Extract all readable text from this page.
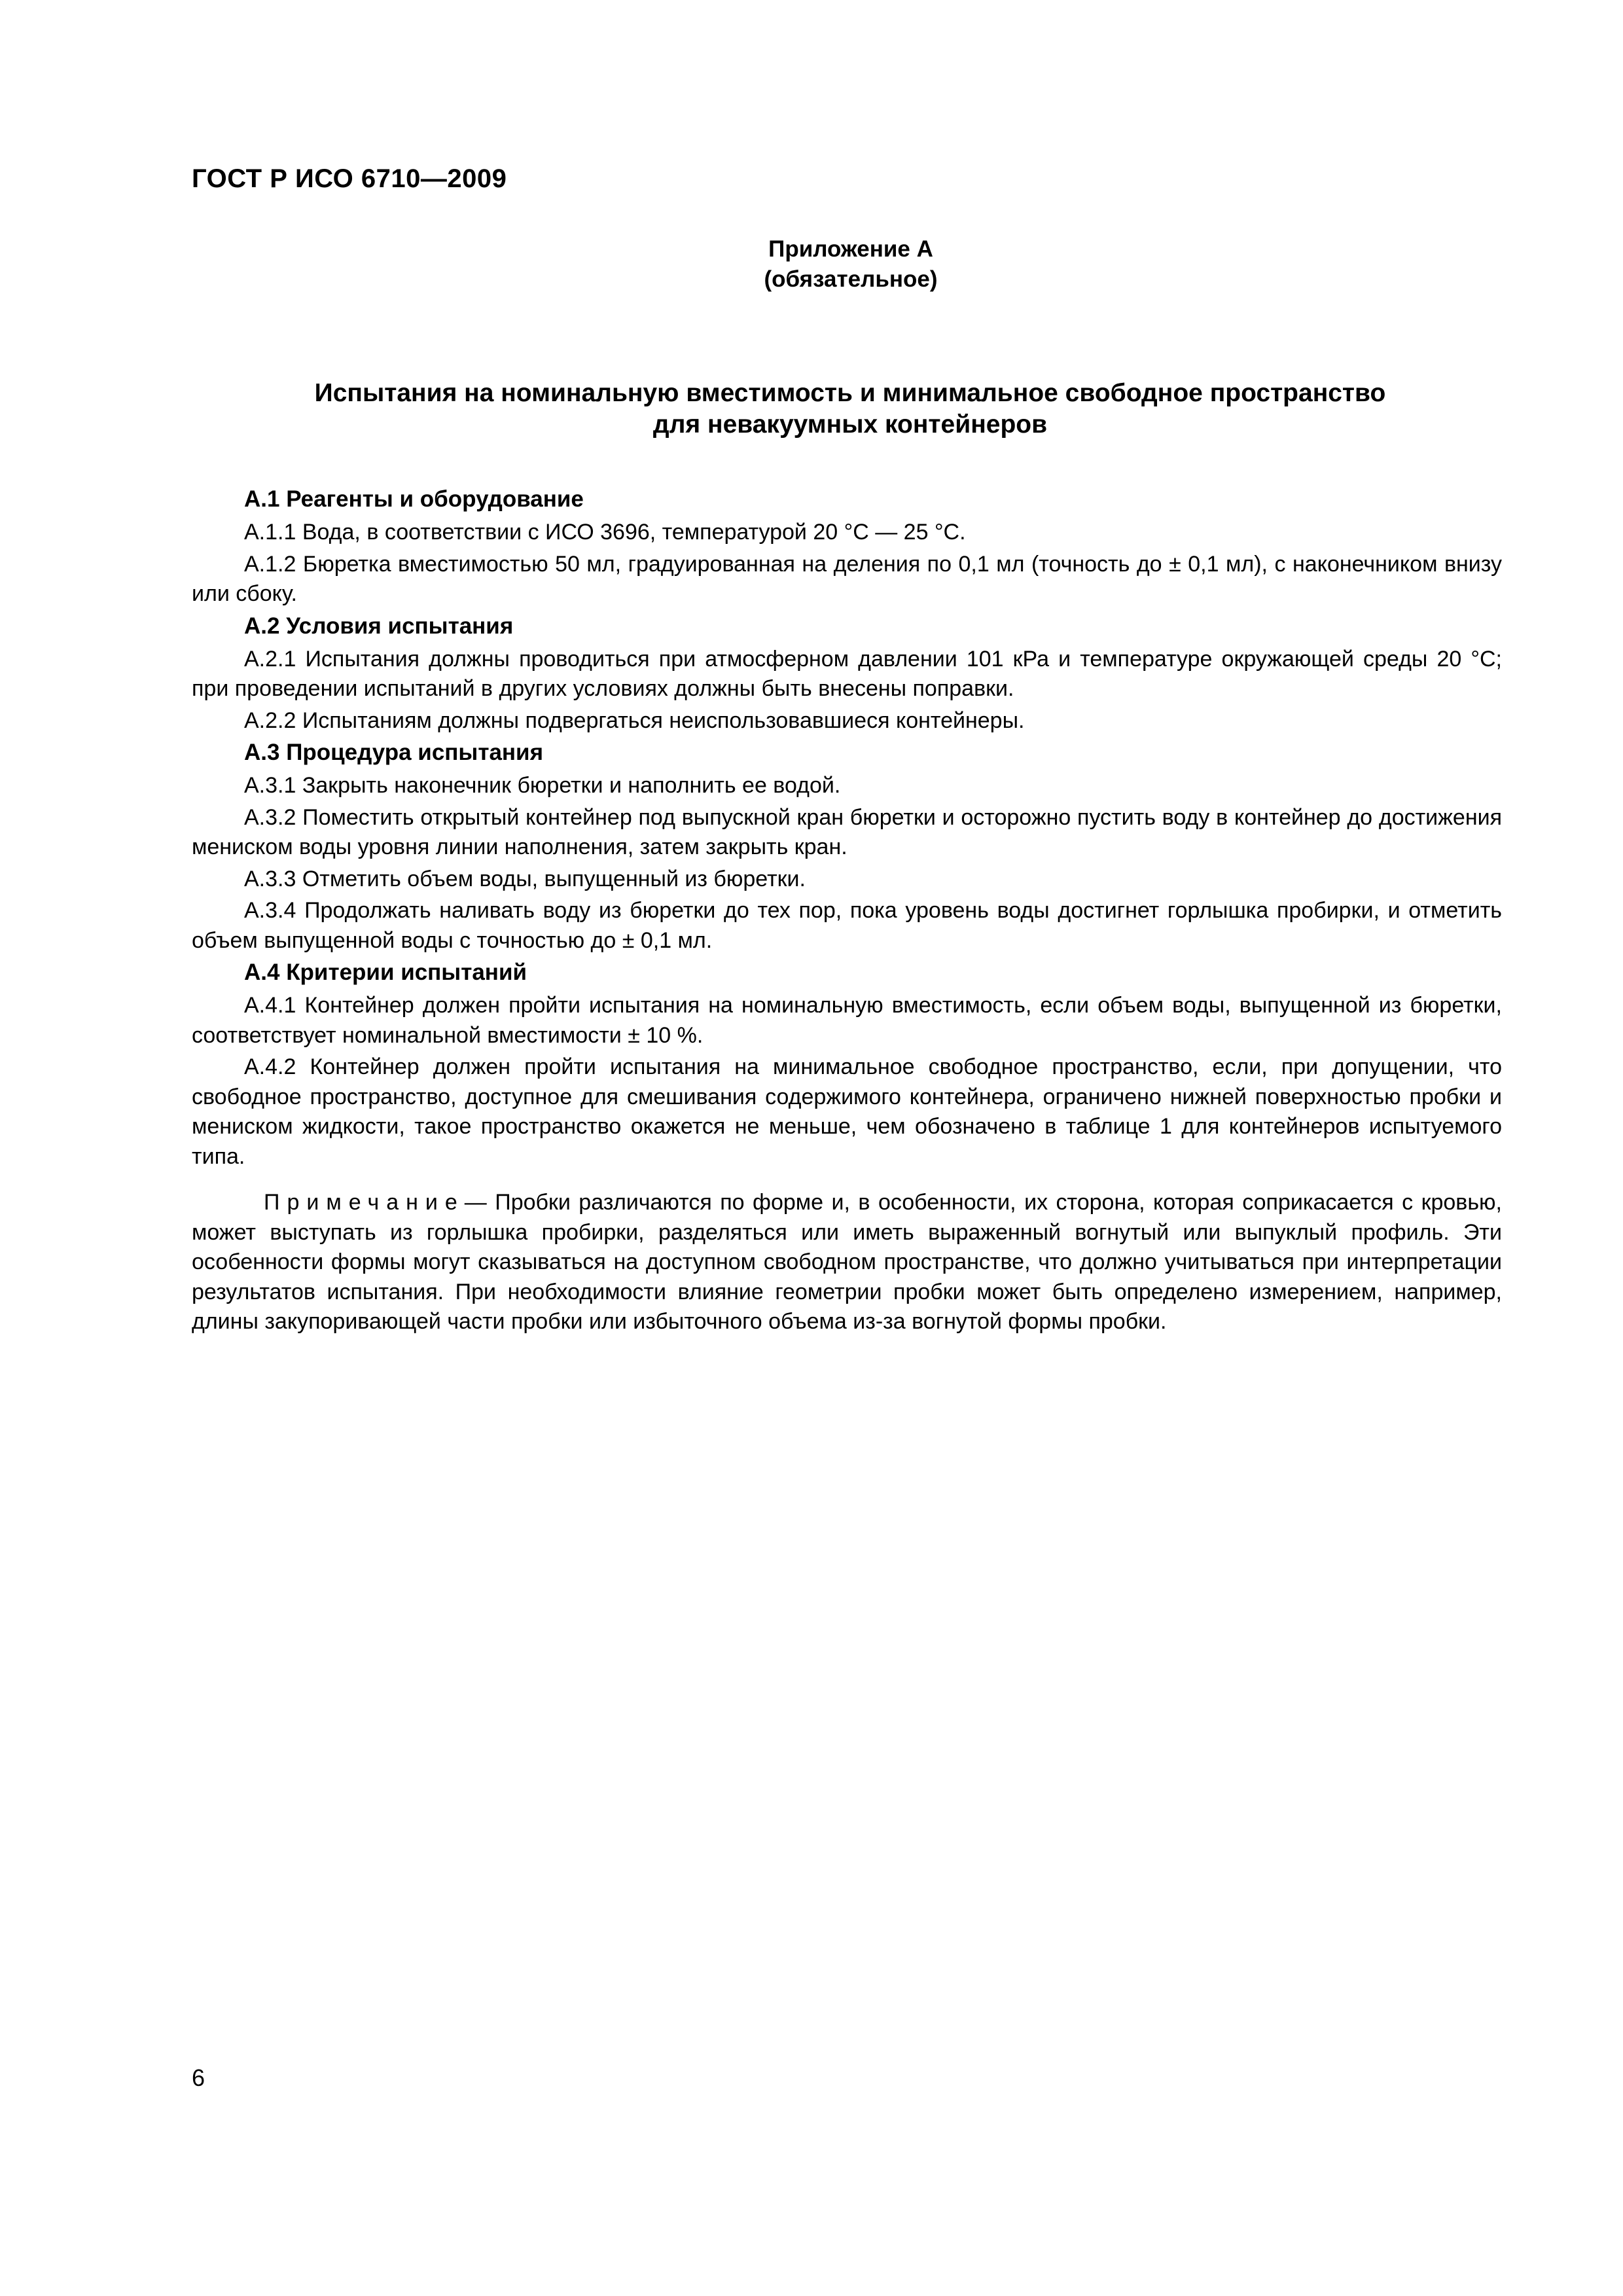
ГОСТ Р ИСО 6710—2009
Приложение А
(обязательное)
Испытания на номинальную вместимость и минимальное свободное пространство
для невакуумных контейнеров
А.1 Реагенты и оборудование

А.1.1 Вода, в соответствии с ИСО 3696, температурой 20 °С — 25 °С.

А.1.2 Бюретка вместимостью 50 мл, градуированная на деления по 0,1 мл (точность до ± 0,1 мл), с наконечником внизу или сбоку.

А.2 Условия испытания

А.2.1 Испытания должны проводиться при атмосферном давлении 101 кРа и температуре окружающей среды 20 °С; при проведении испытаний в других условиях должны быть внесены поправки.

А.2.2 Испытаниям должны подвергаться неиспользовавшиеся контейнеры.

А.3 Процедура испытания

А.3.1 Закрыть наконечник бюретки и наполнить ее водой.

А.3.2 Поместить открытый контейнер под выпускной кран бюретки и осторожно пустить воду в контейнер до достижения мениском воды уровня линии наполнения, затем закрыть кран.

А.3.3 Отметить объем воды, выпущенный из бюретки.

А.3.4 Продолжать наливать воду из бюретки до тех пор, пока уровень воды достигнет горлышка пробирки, и отметить объем выпущенной воды с точностью до ± 0,1 мл.

А.4 Критерии испытаний

А.4.1 Контейнер должен пройти испытания на номинальную вместимость, если объем воды, выпущенной из бюретки, соответствует номинальной вместимости ± 10 %.

А.4.2 Контейнер должен пройти испытания на минимальное свободное пространство, если, при допущении, что свободное пространство, доступное для смешивания содержимого контейнера, ограничено нижней поверхностью пробки и мениском жидкости, такое пространство окажется не меньше, чем обозначено в таблице 1 для контейнеров испытуемого типа.

Примечание— Пробки различаются по форме и, в особенности, их сторона, которая соприкасается с кровью, может выступать из горлышка пробирки, разделяться или иметь выраженный вогнутый или выпуклый профиль. Эти особенности формы могут сказываться на доступном свободном пространстве, что должно учитываться при интерпретации результатов испытания. При необходимости влияние геометрии пробки может быть определено измерением, например, длины закупоривающей части пробки или избыточного объема из-за вогнутой формы пробки.

6
